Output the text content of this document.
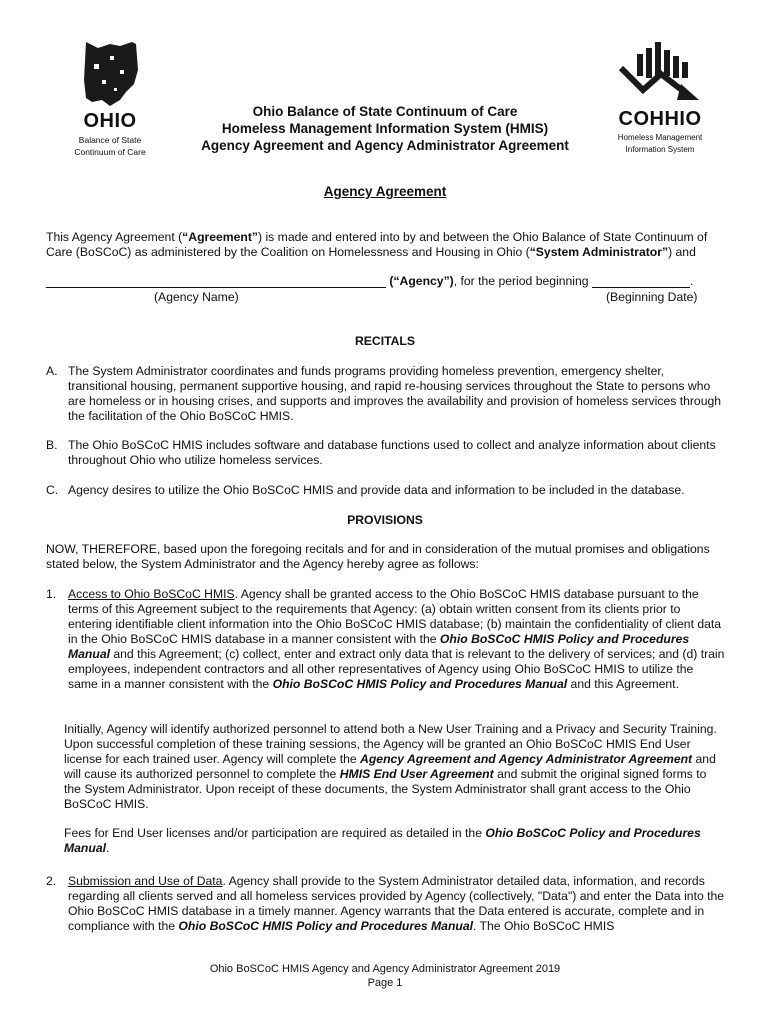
OHIO
Balance of State
Continuum of Care
Ohio Balance of State Continuum of Care
Homeless Management Information System (HMIS)
Agency Agreement and Agency Administrator Agreement
COHHIO
Homeless Management
Information System
Agency Agreement
This Agency Agreement (“Agreement”) is made and entered into by and between the Ohio Balance of State Continuum of Care (BoSCoC) as administered by the Coalition on Homelessness and Housing in Ohio (“System Administrator”) and
(“Agency”), for the period beginning	.
(Agency Name)	(Beginning Date)
RECITALS
A. The System Administrator coordinates and funds programs providing homeless prevention, emergency shelter, transitional housing, permanent supportive housing, and rapid re-housing services throughout the State to persons who are homeless or in housing crises, and supports and improves the availability and provision of homeless services through the facilitation of the Ohio BoSCoC HMIS.
B. The Ohio BoSCoC HMIS includes software and database functions used to collect and analyze information about clients throughout Ohio who utilize homeless services.
C. Agency desires to utilize the Ohio BoSCoC HMIS and provide data and information to be included in the database.
PROVISIONS
NOW, THEREFORE, based upon the foregoing recitals and for and in consideration of the mutual promises and obligations stated below, the System Administrator and the Agency hereby agree as follows:
1. Access to Ohio BoSCoC HMIS. Agency shall be granted access to the Ohio BoSCoC HMIS database pursuant to the terms of this Agreement subject to the requirements that Agency: (a) obtain written consent from its clients prior to entering identifiable client information into the Ohio BoSCoC HMIS database; (b) maintain the confidentiality of client data in the Ohio BoSCoC HMIS database in a manner consistent with the Ohio BoSCoC HMIS Policy and Procedures Manual and this Agreement; (c) collect, enter and extract only data that is relevant to the delivery of services; and (d) train employees, independent contractors and all other representatives of Agency using Ohio BoSCoC HMIS to utilize the same in a manner consistent with the Ohio BoSCoC HMIS Policy and Procedures Manual and this Agreement.
Initially, Agency will identify authorized personnel to attend both a New User Training and a Privacy and Security Training. Upon successful completion of these training sessions, the Agency will be granted an Ohio BoSCoC HMIS End User license for each trained user. Agency will complete the Agency Agreement and Agency Administrator Agreement and will cause its authorized personnel to complete the HMIS End User Agreement and submit the original signed forms to the System Administrator. Upon receipt of these documents, the System Administrator shall grant access to the Ohio BoSCoC HMIS.
Fees for End User licenses and/or participation are required as detailed in the Ohio BoSCoC Policy and Procedures Manual.
2. Submission and Use of Data. Agency shall provide to the System Administrator detailed data, information, and records regarding all clients served and all homeless services provided by Agency (collectively, "Data") and enter the Data into the Ohio BoSCoC HMIS database in a timely manner. Agency warrants that the Data entered is accurate, complete and in compliance with the Ohio BoSCoC HMIS Policy and Procedures Manual. The Ohio BoSCoC HMIS
Ohio BoSCoC HMIS Agency and Agency Administrator Agreement 2019
Page 1
